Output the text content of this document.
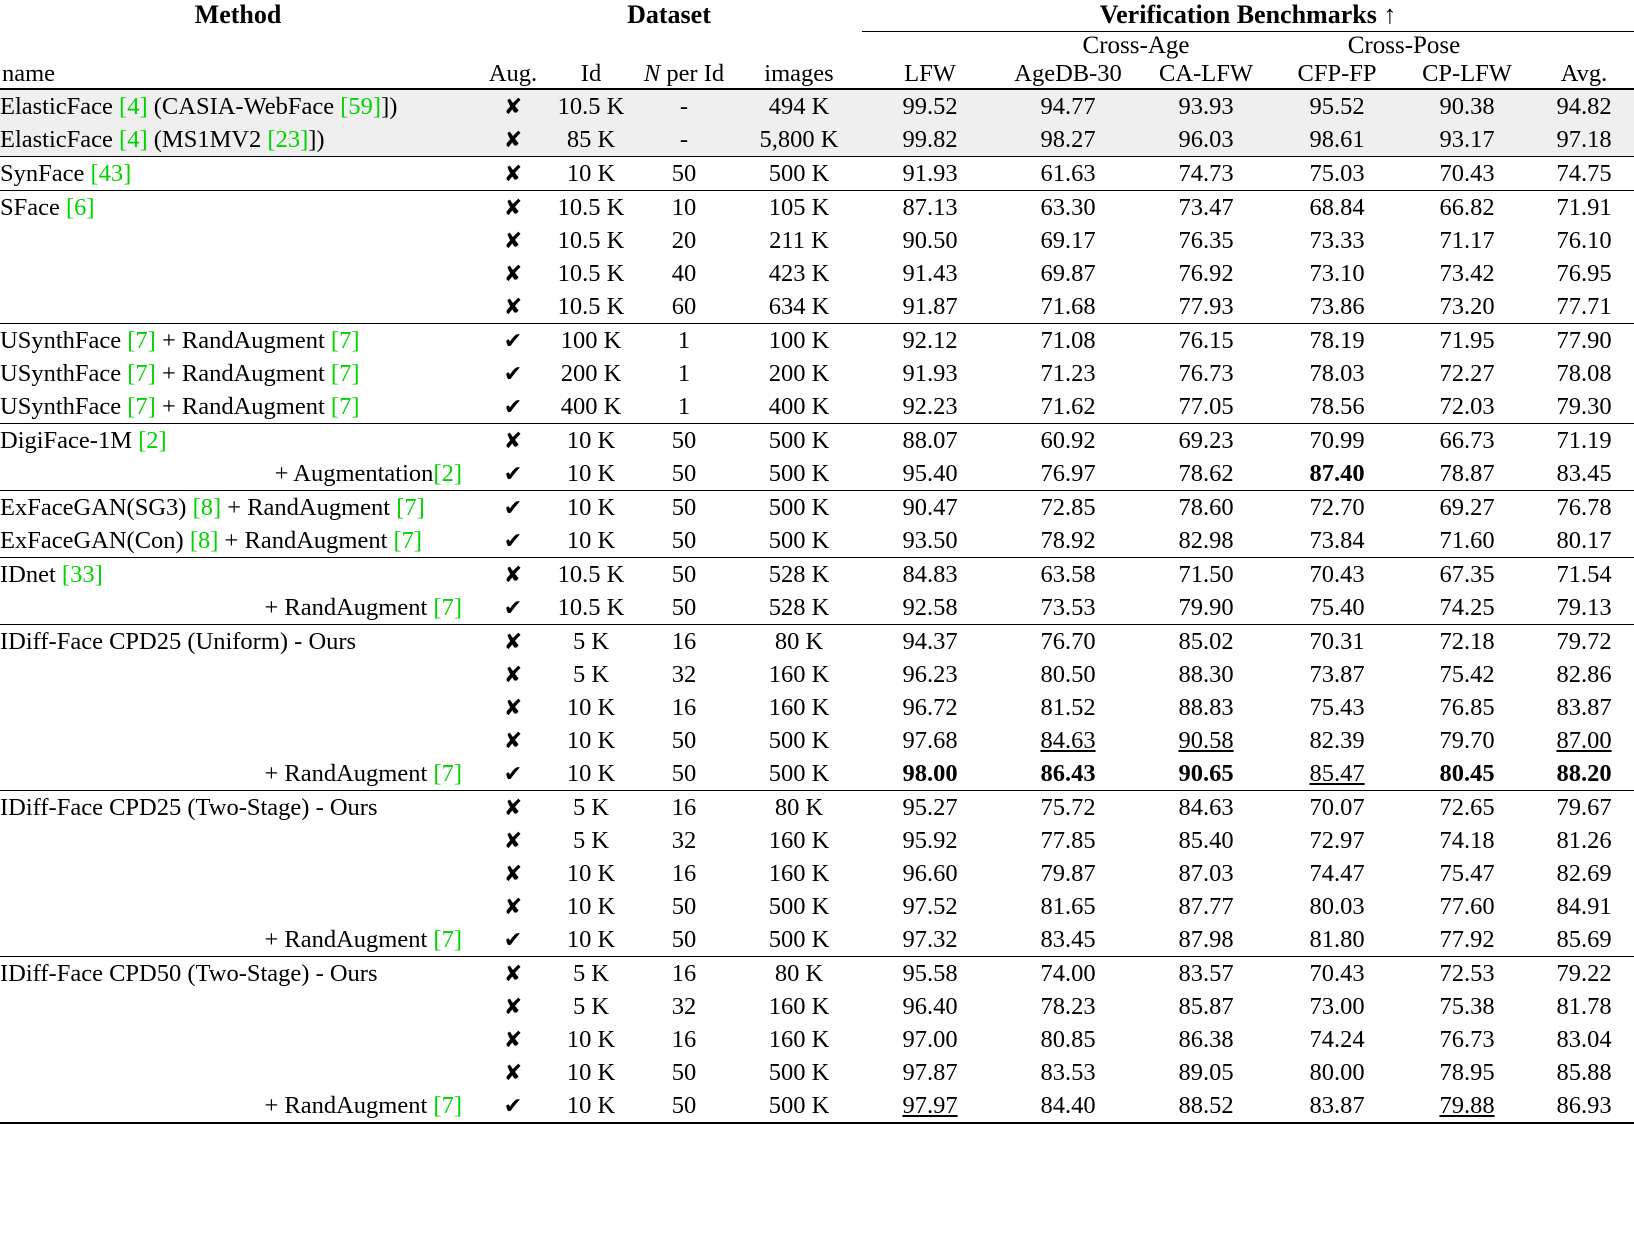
Method	Dataset				Verification Benchmarks ↑					

						Cross-Age		Cross-Pose		
name	Aug.	Id	N per Id	images	LFW	AgeDB-30	CA-LFW	CFP-FP	CP-LFW	Avg.
ElasticFace [4] (CASIA-WebFace [59]])	✘	10.5 K	-	494 K	99.52	94.77	93.93	95.52	90.38	94.82
ElasticFace [4] (MS1MV2 [23]])	✘	85 K	-	5,800 K	99.82	98.27	96.03	98.61	93.17	97.18
SynFace [43]	✘	10 K	50	500 K	91.93	61.63	74.73	75.03	70.43	74.75
SFace [6]	✘	10.5 K	10	105 K	87.13	63.30	73.47	68.84	66.82	71.91
	✘	10.5 K	20	211 K	90.50	69.17	76.35	73.33	71.17	76.10
	✘	10.5 K	40	423 K	91.43	69.87	76.92	73.10	73.42	76.95
	✘	10.5 K	60	634 K	91.87	71.68	77.93	73.86	73.20	77.71
USynthFace [7] + RandAugment [7]	✔	100 K	1	100 K	92.12	71.08	76.15	78.19	71.95	77.90
USynthFace [7] + RandAugment [7]	✔	200 K	1	200 K	91.93	71.23	76.73	78.03	72.27	78.08
USynthFace [7] + RandAugment [7]	✔	400 K	1	400 K	92.23	71.62	77.05	78.56	72.03	79.30
DigiFace-1M [2]	✘	10 K	50	500 K	88.07	60.92	69.23	70.99	66.73	71.19
+ Augmentation[2]	✔	10 K	50	500 K	95.40	76.97	78.62	87.40	78.87	83.45
ExFaceGAN(SG3) [8] + RandAugment [7]	✔	10 K	50	500 K	90.47	72.85	78.60	72.70	69.27	76.78
ExFaceGAN(Con) [8] + RandAugment [7]	✔	10 K	50	500 K	93.50	78.92	82.98	73.84	71.60	80.17
IDnet [33]	✘	10.5 K	50	528 K	84.83	63.58	71.50	70.43	67.35	71.54
+ RandAugment [7]	✔	10.5 K	50	528 K	92.58	73.53	79.90	75.40	74.25	79.13
IDiff-Face CPD25 (Uniform) - Ours	✘	5 K	16	80 K	94.37	76.70	85.02	70.31	72.18	79.72
	✘	5 K	32	160 K	96.23	80.50	88.30	73.87	75.42	82.86
	✘	10 K	16	160 K	96.72	81.52	88.83	75.43	76.85	83.87
	✘	10 K	50	500 K	97.68	84.63	90.58	82.39	79.70	87.00
+ RandAugment [7]	✔	10 K	50	500 K	98.00	86.43	90.65	85.47	80.45	88.20
IDiff-Face CPD25 (Two-Stage) - Ours	✘	5 K	16	80 K	95.27	75.72	84.63	70.07	72.65	79.67
	✘	5 K	32	160 K	95.92	77.85	85.40	72.97	74.18	81.26
	✘	10 K	16	160 K	96.60	79.87	87.03	74.47	75.47	82.69
	✘	10 K	50	500 K	97.52	81.65	87.77	80.03	77.60	84.91
+ RandAugment [7]	✔	10 K	50	500 K	97.32	83.45	87.98	81.80	77.92	85.69
IDiff-Face CPD50 (Two-Stage) - Ours	✘	5 K	16	80 K	95.58	74.00	83.57	70.43	72.53	79.22
	✘	5 K	32	160 K	96.40	78.23	85.87	73.00	75.38	81.78
	✘	10 K	16	160 K	97.00	80.85	86.38	74.24	76.73	83.04
	✘	10 K	50	500 K	97.87	83.53	89.05	80.00	78.95	85.88
+ RandAugment [7]	✔	10 K	50	500 K	97.97	84.40	88.52	83.87	79.88	86.93
